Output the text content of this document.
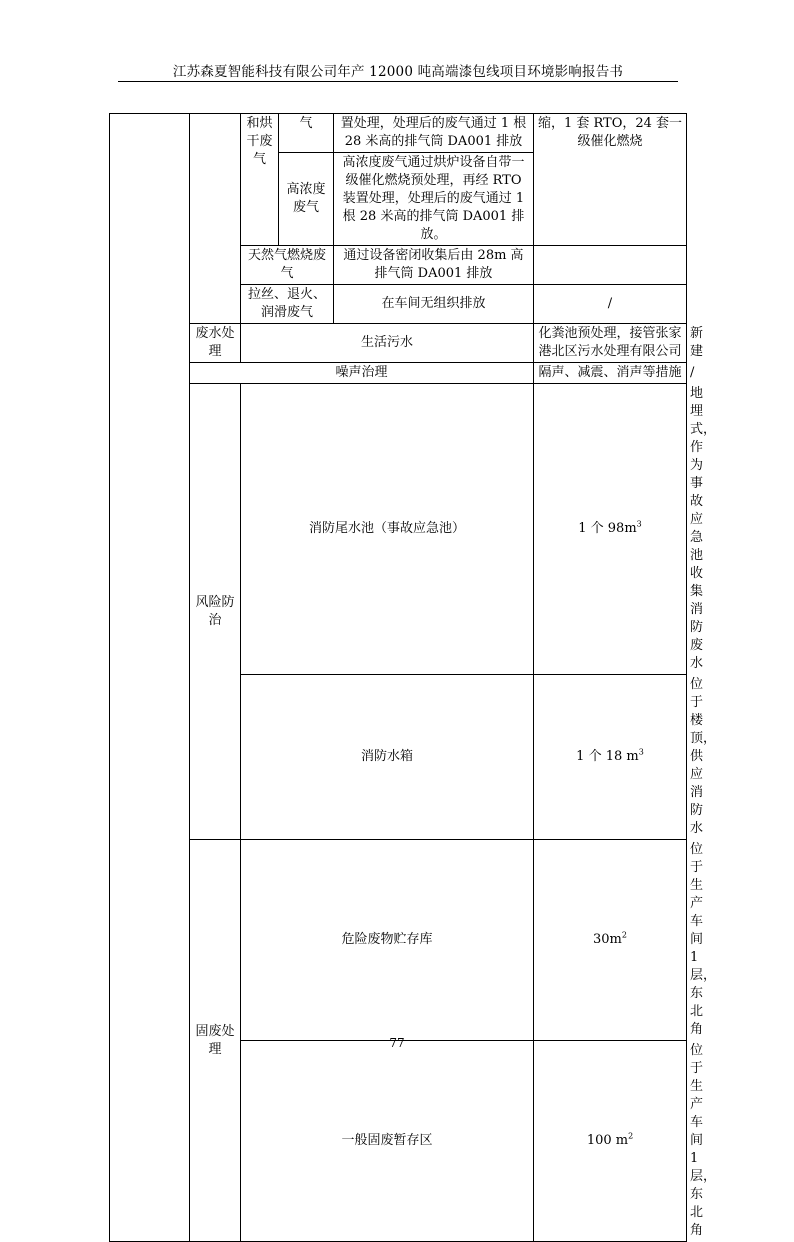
江苏森夏智能科技有限公司年产 12000 吨高端漆包线项目环境影响报告书
		和烘干废气	气	置处理，处理后的废气通过 1 根 28 米高的排气筒 DA001 排放	缩，1 套 RTO，24 套一级催化燃烧	
			高浓度废气	高浓度废气通过烘炉设备自带一级催化燃烧预处理，再经 RTO 装置处理，处理后的废气通过 1 根 28 米高的排气筒 DA001 排放。		
		天然气燃烧废气		通过设备密闭收集后由 28m 高排气筒 DA001 排放		
		拉丝、退火、润滑废气		在车间无组织排放	/	
	废水处理	生活污水			化粪池预处理，接管张家港北区污水处理有限公司	新建
	噪声治理				隔声、减震、消声等措施	/
	风险防治	消防尾水池（事故应急池）			1 个 $98m^3$	地埋式，作为事故应急池收集消防废水
		消防水箱			1 个 18 $m^3$	位于楼顶，供应消防水
	固废处理	危险废物贮存库			$30m^2$	位于生产车间 1 层，东北角
		一般固废暂存区			100 $m^2$	位于生产车间 1 层，东北角
77
